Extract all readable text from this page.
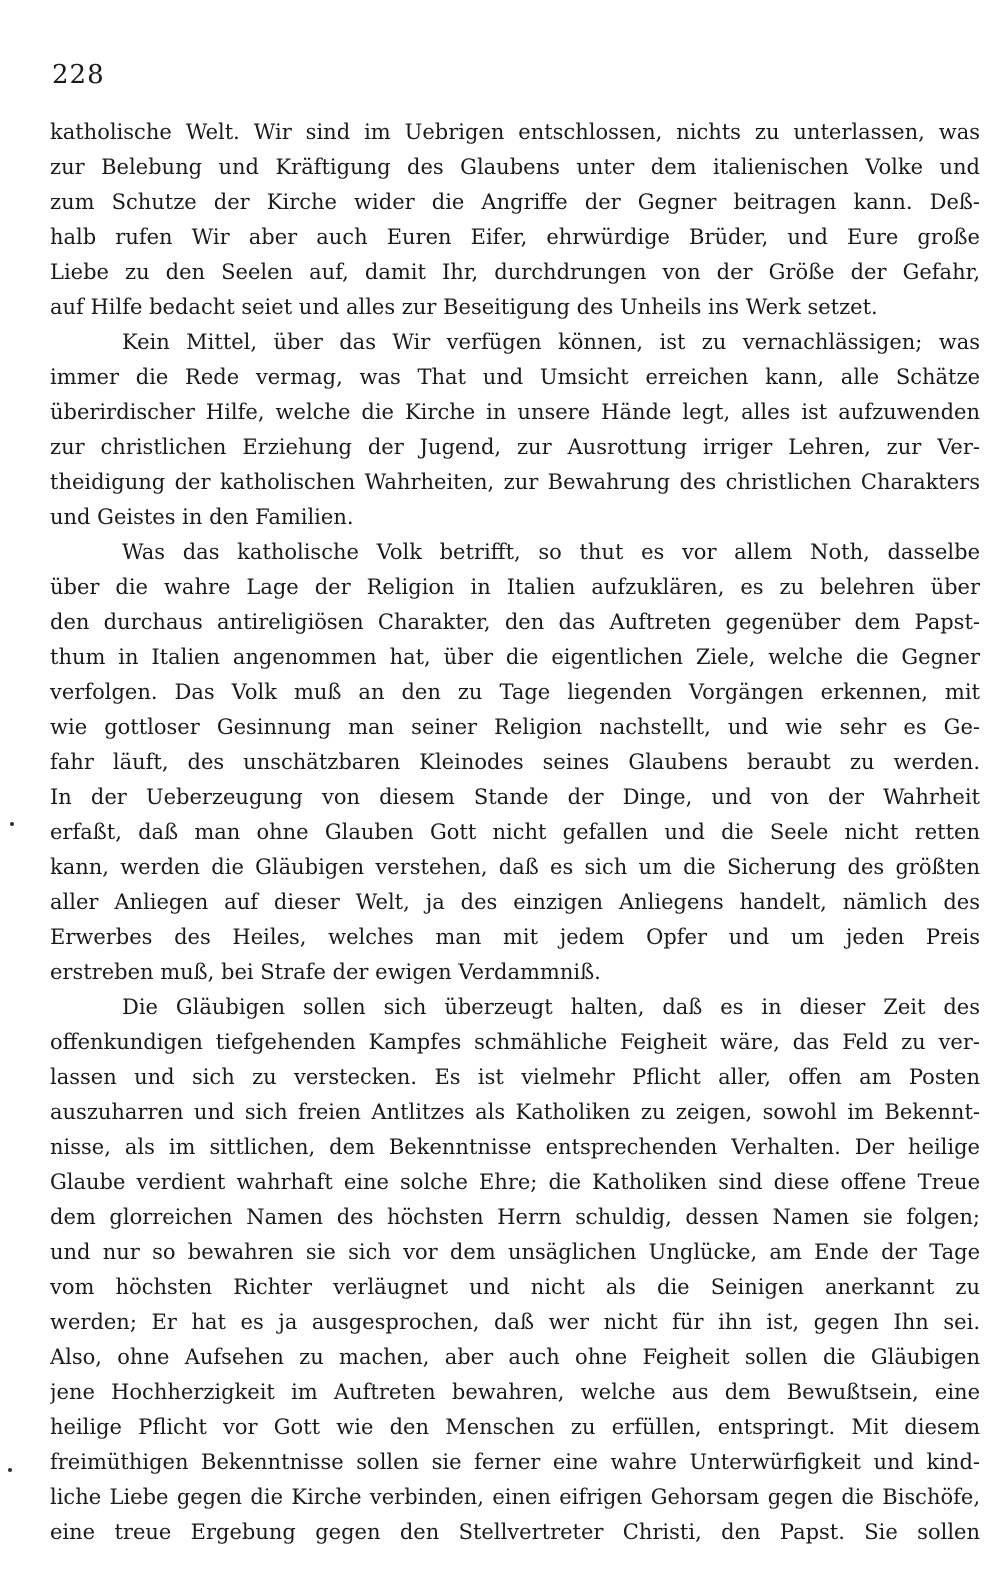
228
katholische Welt. Wir sind im Uebrigen entschlossen, nichts zu unterlassen, was
zur Belebung und Kräftigung des Glaubens unter dem italienischen Volke und
zum Schutze der Kirche wider die Angriffe der Gegner beitragen kann. Deß-
halb rufen Wir aber auch Euren Eifer, ehrwürdige Brüder, und Eure große
Liebe zu den Seelen auf, damit Ihr, durchdrungen von der Größe der Gefahr,
auf Hilfe bedacht seiet und alles zur Beseitigung des Unheils ins Werk setzet.
Kein Mittel, über das Wir verfügen können, ist zu vernachlässigen; was
immer die Rede vermag, was That und Umsicht erreichen kann, alle Schätze
überirdischer Hilfe, welche die Kirche in unsere Hände legt, alles ist aufzuwenden
zur christlichen Erziehung der Jugend, zur Ausrottung irriger Lehren, zur Ver-
theidigung der katholischen Wahrheiten, zur Bewahrung des christlichen Charakters
und Geistes in den Familien.
Was das katholische Volk betrifft, so thut es vor allem Noth, dasselbe
über die wahre Lage der Religion in Italien aufzuklären, es zu belehren über
den durchaus antireligiösen Charakter, den das Auftreten gegenüber dem Papst-
thum in Italien angenommen hat, über die eigentlichen Ziele, welche die Gegner
verfolgen. Das Volk muß an den zu Tage liegenden Vorgängen erkennen, mit
wie gottloser Gesinnung man seiner Religion nachstellt, und wie sehr es Ge-
fahr läuft, des unschätzbaren Kleinodes seines Glaubens beraubt zu werden.
In der Ueberzeugung von diesem Stande der Dinge, und von der Wahrheit
erfaßt, daß man ohne Glauben Gott nicht gefallen und die Seele nicht retten
kann, werden die Gläubigen verstehen, daß es sich um die Sicherung des größten
aller Anliegen auf dieser Welt, ja des einzigen Anliegens handelt, nämlich des
Erwerbes des Heiles, welches man mit jedem Opfer und um jeden Preis
erstreben muß, bei Strafe der ewigen Verdammniß.
Die Gläubigen sollen sich überzeugt halten, daß es in dieser Zeit des
offenkundigen tiefgehenden Kampfes schmähliche Feigheit wäre, das Feld zu ver-
lassen und sich zu verstecken. Es ist vielmehr Pflicht aller, offen am Posten
auszuharren und sich freien Antlitzes als Katholiken zu zeigen, sowohl im Bekennt-
nisse, als im sittlichen, dem Bekenntnisse entsprechenden Verhalten. Der heilige
Glaube verdient wahrhaft eine solche Ehre; die Katholiken sind diese offene Treue
dem glorreichen Namen des höchsten Herrn schuldig, dessen Namen sie folgen;
und nur so bewahren sie sich vor dem unsäglichen Unglücke, am Ende der Tage
vom höchsten Richter verläugnet und nicht als die Seinigen anerkannt zu
werden; Er hat es ja ausgesprochen, daß wer nicht für ihn ist, gegen Ihn sei.
Also, ohne Aufsehen zu machen, aber auch ohne Feigheit sollen die Gläubigen
jene Hochherzigkeit im Auftreten bewahren, welche aus dem Bewußtsein, eine
heilige Pflicht vor Gott wie den Menschen zu erfüllen, entspringt. Mit diesem
freimüthigen Bekenntnisse sollen sie ferner eine wahre Unterwürfigkeit und kind-
liche Liebe gegen die Kirche verbinden, einen eifrigen Gehorsam gegen die Bischöfe,
eine treue Ergebung gegen den Stellvertreter Christi, den Papst. Sie sollen
